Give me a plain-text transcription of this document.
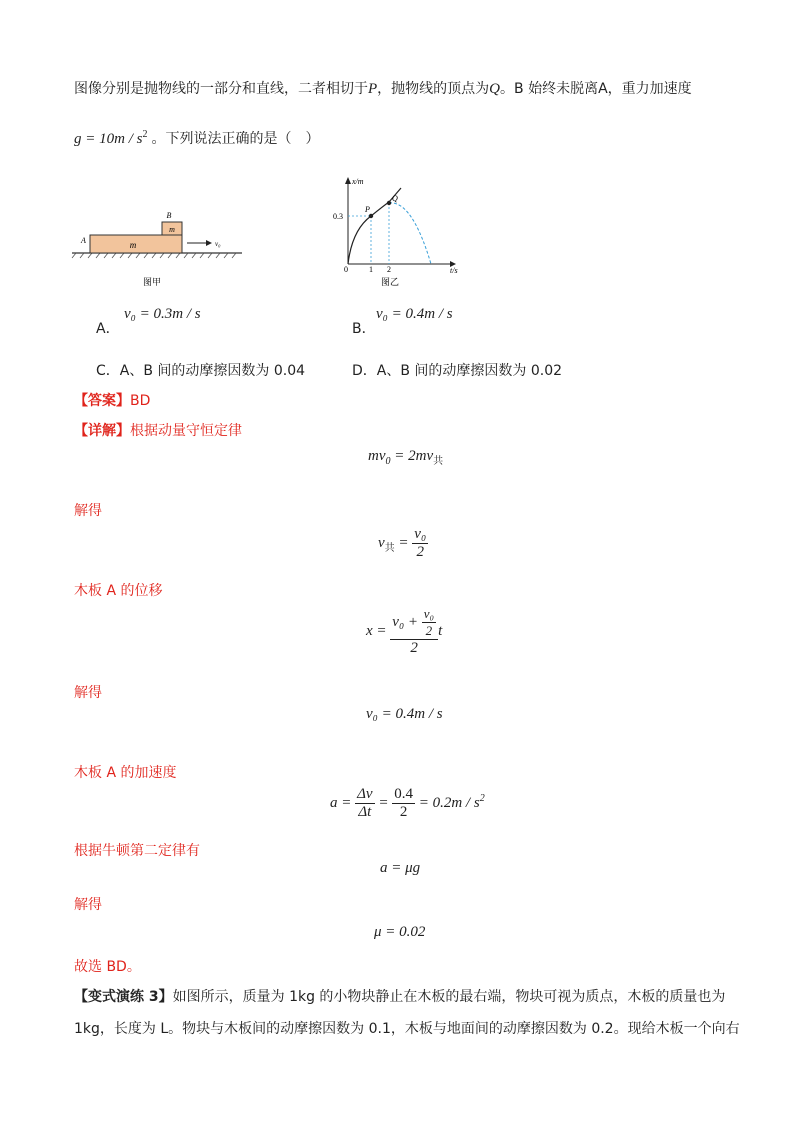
图像分别是抛物线的一部分和直线，二者相切于P，抛物线的顶点为Q。B 始终未脱离A，重力加速度
$g = 10m / s^2$ 。下列说法正确的是（　）
m
m
B
A	v₀
图甲
x/m
t/s
0
0.3
1 2
P
Q
图乙
A．
v₀ = 0.3m / s
B．
v₀ = 0.4m / s
C．A、B 间的动摩擦因数为 0.04	D．A、B 间的动摩擦因数为 0.02
【答案】BD
【详解】根据动量守恒定律
$mv_0 = 2mv_共$
解得
$v_共 = \frac{\text{v₀}}{2}$
木板 A 的位移
$x = \frac{v_0 + \frac{\text{v₀}}{2}}{2}$ t
解得
v₀ = 0.4m / s
木板 A 的加速度
$a = \frac{\Delta v}{\Delta t} = \frac{0.4}{2} = 0.2m / s^2$
根据牛顿第二定律有
a = μg
解得
μ = 0.02
故选 BD。
【变式演练 3】如图所示，质量为 1kg 的小物块静止在木板的最右端，物块可视为质点，木板的质量也为
1kg，长度为 L。物块与木板间的动摩擦因数为 0.1，木板与地面间的动摩擦因数为 0.2。现给木板一个向右
